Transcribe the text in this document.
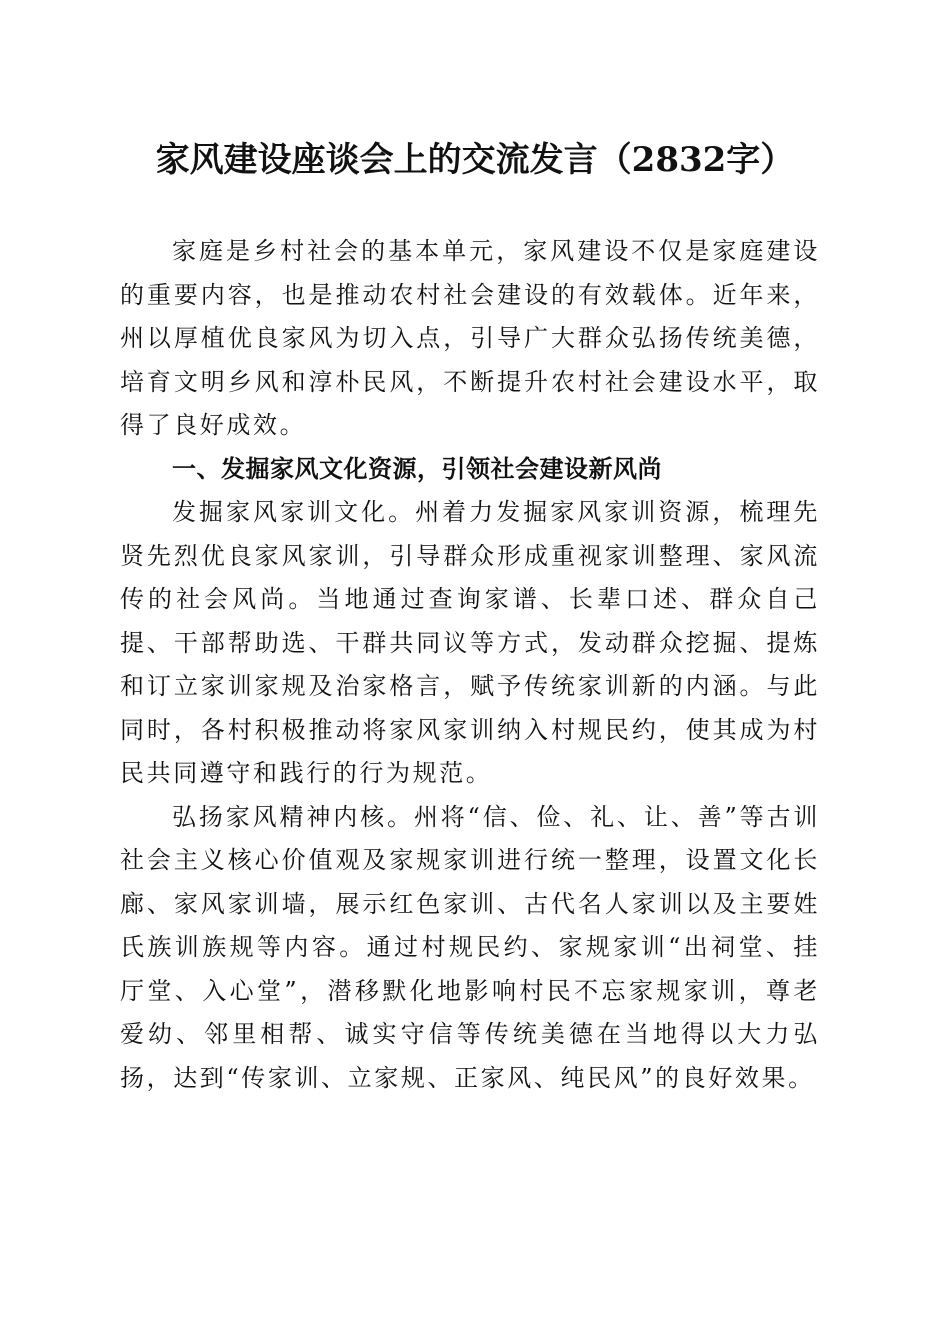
家风建设座谈会上的交流发言（2832字）

家庭是乡村社会的基本单元，家风建设不仅是家庭建设的重要内容，也是推动农村社会建设的有效载体。近年来，州以厚植优良家风为切入点，引导广大群众弘扬传统美德，培育文明乡风和淳朴民风，不断提升农村社会建设水平，取得了良好成效。

一、发掘家风文化资源，引领社会建设新风尚

发掘家风家训文化。州着力发掘家风家训资源，梳理先贤先烈优良家风家训，引导群众形成重视家训整理、家风流传的社会风尚。当地通过查询家谱、长辈口述、群众自己提、干部帮助选、干群共同议等方式，发动群众挖掘、提炼和订立家训家规及治家格言，赋予传统家训新的内涵。与此同时，各村积极推动将家风家训纳入村规民约，使其成为村民共同遵守和践行的行为规范。

弘扬家风精神内核。州将“信、俭、礼、让、善”等古训社会主义核心价值观及家规家训进行统一整理，设置文化长廊、家风家训墙，展示红色家训、古代名人家训以及主要姓氏族训族规等内容。通过村规民约、家规家训“出祠堂、挂厅堂、入心堂”，潜移默化地影响村民不忘家规家训，尊老爱幼、邻里相帮、诚实守信等传统美德在当地得以大力弘扬，达到“传家训、立家规、正家风、纯民风”的良好效果。
